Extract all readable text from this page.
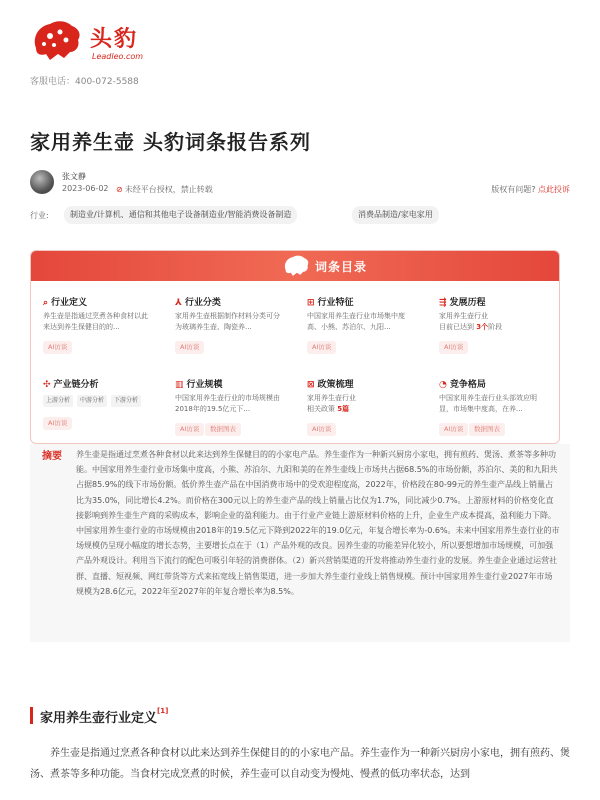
头豹
Leadleo.com
客服电话：400-072-5588
家用养生壶 头豹词条报告系列
张文静
2023-06-02 ⊘ 未经平台授权，禁止转载	版权有问题? 点此投诉
行业:	制造业/计算机、通信和其他电子设备制造业/智能消费设备制造	消费品制造/家电家用
词条目录
⌕ 行业定义
养生壶是指通过烹煮各种食材以此来达到养生保健目的的...
AI访谈
⅄ 行业分类
家用养生壶根据制作材料分类可分为玻璃养生壶、陶瓷养...
AI访谈
⊞ 行业特征
中国家用养生壶行业市场集中度高、小熊、苏泊尔、九阳...
AI访谈
⇶ 发展历程
家用养生壶行业
目前已达到 3个阶段
AI访谈
✣ 产业链分析
上游分析	中游分析	下游分析
AI访谈
▥ 行业规模
中国家用养生壶行业的市场规模由2018年的19.5亿元下...
AI访谈	数据图表
⊠ 政策梳理
家用养生壶行业
相关政策 5篇
AI访谈
◔ 竞争格局
中国家用养生壶行业头部效应明显，市场集中度高，在养...
AI访谈	数据图表
摘要 养生壶是指通过烹煮各种食材以此来达到养生保健目的的小家电产品。养生壶作为一种新兴厨房小家电，拥有煎药、煲汤、煮茶等多种功能。中国家用养生壶行业市场集中度高，小熊、苏泊尔、九阳和美的在养生壶线上市场共占据68.5%的市场份额，苏泊尔、美的和九阳共占据85.9%的线下市场份额。低价养生壶产品在中国消费市场中的受欢迎程度高，2022年，价格段在80-99元的养生壶产品线上销量占比为35.0%，同比增长4.2%。而价格在300元以上的养生壶产品的线上销量占比仅为1.7%，同比减少0.7%。上游原材料的价格变化直接影响到养生壶生产商的采购成本，影响企业的盈利能力。由于行业产业链上游原材料价格的上升，企业生产成本提高，盈利能力下降。中国家用养生壶行业的市场规模由2018年的19.5亿元下降到2022年的19.0亿元，年复合增长率为-0.6%。未来中国家用养生壶行业的市场规模仍呈现小幅度的增长态势，主要增长点在于（1）产品外观的改良。因养生壶的功能差异化较小，所以要想增加市场规模，可加强产品外观设计。利用当下流行的配色可吸引年轻的消费群体。（2）新兴营销渠道的开发将推动养生壶行业的发展。养生壶企业通过运营社群、直播、短视频、网红带货等方式来拓宽线上销售渠道，进一步加大养生壶行业线上销售规模。预计中国家用养生壶行业2027年市场规模为28.6亿元，2022年至2027年的年复合增长率为8.5%。
家用养生壶行业定义[1]
养生壶是指通过烹煮各种食材以此来达到养生保健目的的小家电产品。养生壶作为一种新兴厨房小家电，拥有煎药、煲汤、煮茶等多种功能。当食材完成烹煮的时候，养生壶可以自动变为慢炖、慢煮的低功率状态，达到
